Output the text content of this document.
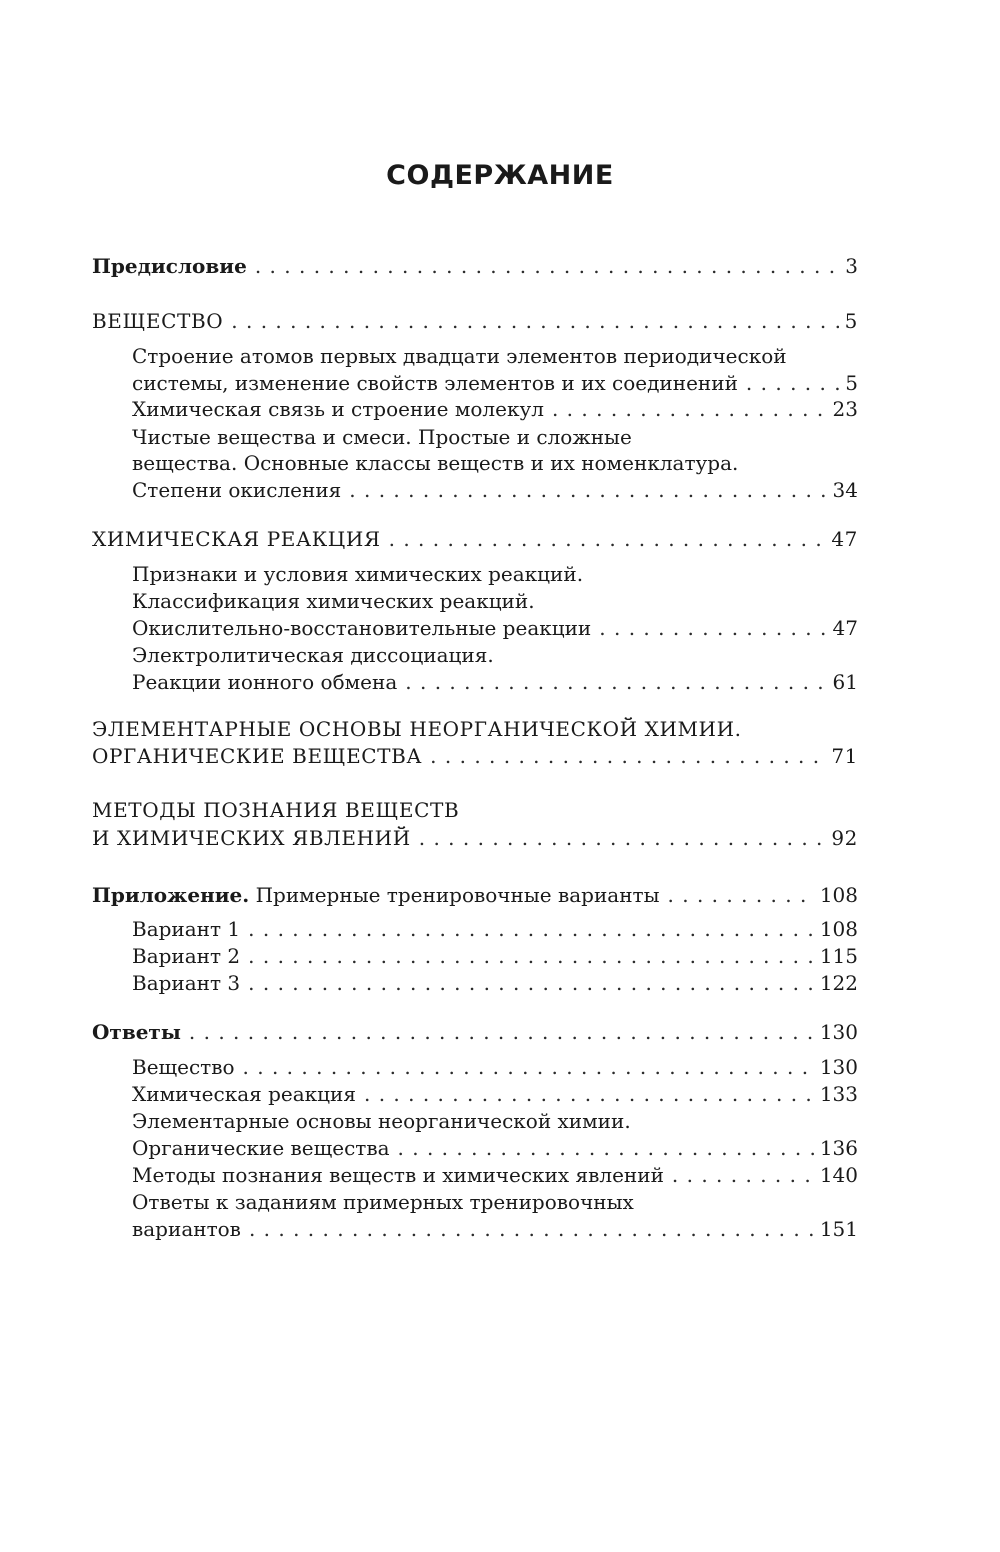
СОДЕРЖАНИЕ
Предисловие . . .	3
ВЕЩЕСТВО . . .	5
Строение атомов первых двадцати элементов периодической
системы, изменение свойств элементов и их соединений . . .	5
Химическая связь и строение молекул . . .	23
Чистые вещества и смеси. Простые и сложные
вещества. Основные классы веществ и их номенклатура.
Степени окисления . . .	34
ХИМИЧЕСКАЯ РЕАКЦИЯ . . .	47
Признаки и условия химических реакций.
Классификация химических реакций.
Окислительно-восстановительные реакции . . .	47
Электролитическая диссоциация.
Реакции ионного обмена . . .	61
ЭЛЕМЕНТАРНЫЕ ОСНОВЫ НЕОРГАНИЧЕСКОЙ ХИМИИ.
ОРГАНИЧЕСКИЕ ВЕЩЕСТВА . . .	71
МЕТОДЫ ПОЗНАНИЯ ВЕЩЕСТВ
И ХИМИЧЕСКИХ ЯВЛЕНИЙ . . .	92
Приложение. Примерные тренировочные варианты . . .	108
Вариант 1 . . .	108
Вариант 2 . . .	115
Вариант 3 . . .	122
Ответы . . .	130
Вещество . . .	130
Химическая реакция . . .	133
Элементарные основы неорганической химии.
Органические вещества . . .	136
Методы познания веществ и химических явлений . . .	140
Ответы к заданиям примерных тренировочных
вариантов . . .	151
